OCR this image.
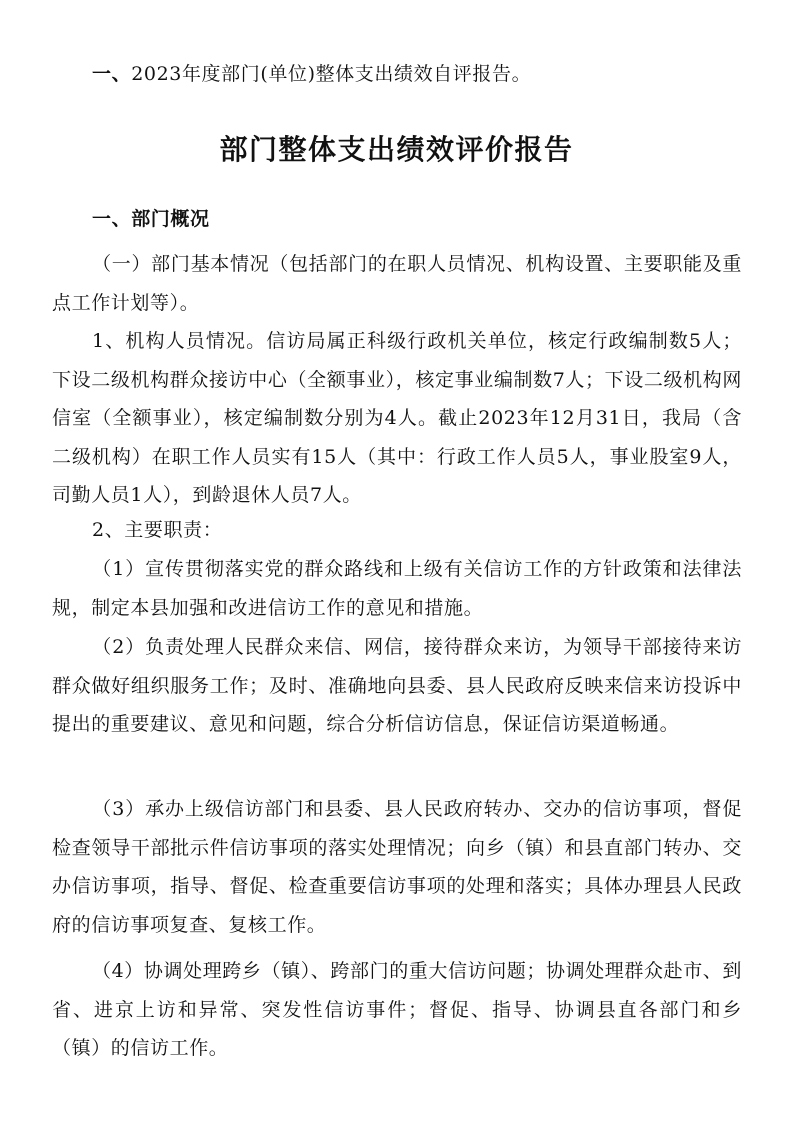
一、2023年度部门(单位)整体支出绩效自评报告。
部门整体支出绩效评价报告
一、部门概况
（一）部门基本情况（包括部门的在职人员情况、机构设置、主要职能及重点工作计划等）。
1、机构人员情况。信访局属正科级行政机关单位，核定行政编制数5人； 下设二级机构群众接访中心（全额事业），核定事业编制数7人；下设二级机构网信室（全额事业），核定编制数分别为4人。截止2023年12月31日，我局（含二级机构）在职工作人员实有15人（其中：行政工作人员5人，事业股室9人，司勤人员1人），到龄退休人员7人。
2、主要职责：
（1）宣传贯彻落实党的群众路线和上级有关信访工作的方针政策和法律法规，制定本县加强和改进信访工作的意见和措施。
（2）负责处理人民群众来信、网信，接待群众来访，为领导干部接待来访群众做好组织服务工作；及时、准确地向县委、县人民政府反映来信来访投诉中提出的重要建议、意见和问题，综合分析信访信息，保证信访渠道畅通。
（3）承办上级信访部门和县委、县人民政府转办、交办的信访事项，督促检查领导干部批示件信访事项的落实处理情况；向乡（镇）和县直部门转办、交办信访事项，指导、督促、检查重要信访事项的处理和落实；具体办理县人民政府的信访事项复查、复核工作。
（4）协调处理跨乡（镇）、跨部门的重大信访问题；协调处理群众赴市、到省、进京上访和异常、突发性信访事件；督促、指导、协调县直各部门和乡（镇）的信访工作。
